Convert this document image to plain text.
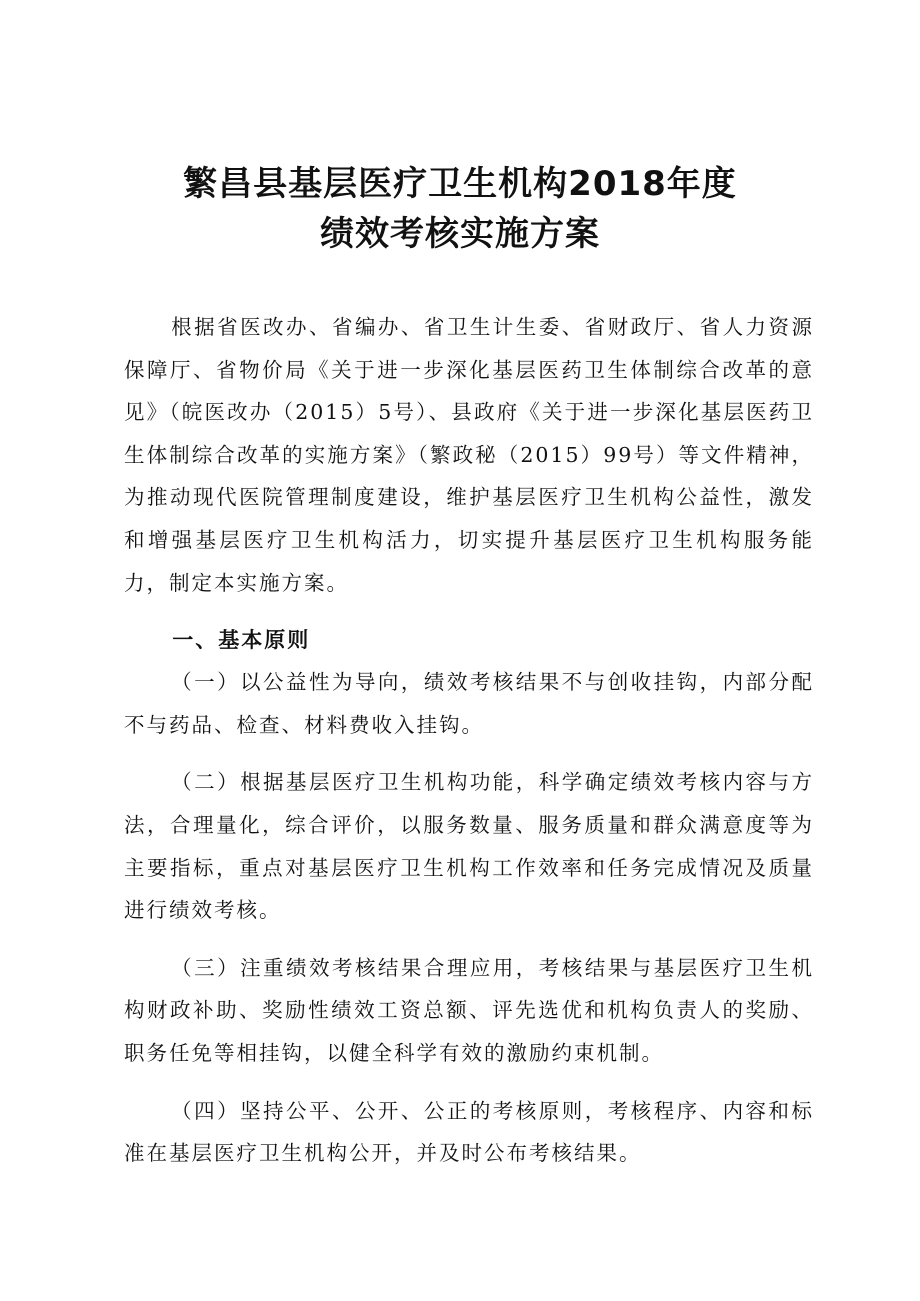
繁昌县基层医疗卫生机构2018年度
绩效考核实施方案

根据省医改办、省编办、省卫生计生委、省财政厅、省人力资源保障厅、省物价局《关于进一步深化基层医药卫生体制综合改革的意见》（皖医改办（2015）5号）、县政府《关于进一步深化基层医药卫生体制综合改革的实施方案》（繁政秘（2015）99号）等文件精神，为推动现代医院管理制度建设，维护基层医疗卫生机构公益性，激发和增强基层医疗卫生机构活力，切实提升基层医疗卫生机构服务能力，制定本实施方案。

一、基本原则

（一）以公益性为导向，绩效考核结果不与创收挂钩，内部分配不与药品、检查、材料费收入挂钩。

（二）根据基层医疗卫生机构功能，科学确定绩效考核内容与方法，合理量化，综合评价，以服务数量、服务质量和群众满意度等为主要指标，重点对基层医疗卫生机构工作效率和任务完成情况及质量进行绩效考核。

（三）注重绩效考核结果合理应用，考核结果与基层医疗卫生机构财政补助、奖励性绩效工资总额、评先选优和机构负责人的奖励、职务任免等相挂钩，以健全科学有效的激励约束机制。

（四）坚持公平、公开、公正的考核原则，考核程序、内容和标准在基层医疗卫生机构公开，并及时公布考核结果。
